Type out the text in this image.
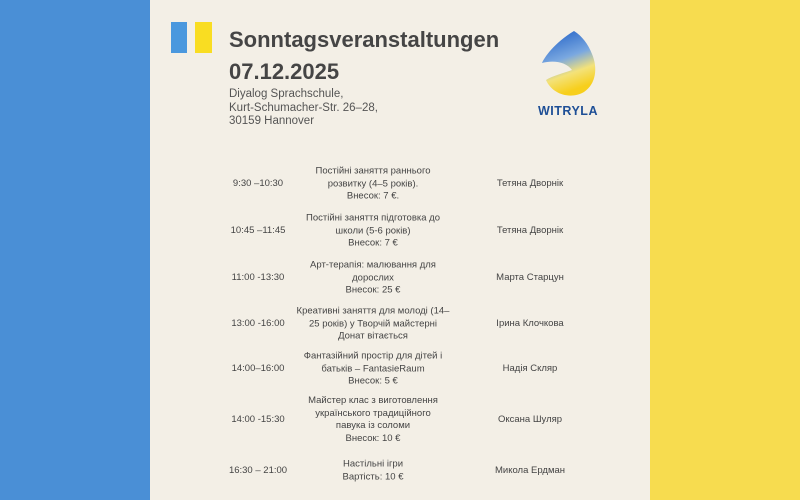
Sonntagsveranstaltungen
07.12.2025
Diyalog Sprachschule,
Kurt-Schumacher-Str. 26–28,
30159 Hannover
WITRYLA
9:30 –10:30
Постійні заняття раннього
розвитку (4–5 років).
Внесок: 7 €.
Тетяна Дворнік
10:45 –11:45
Постійні заняття підготовка до
школи (5-6 років)
Внесок: 7 €
Тетяна Дворнік
11:00 -13:30
Арт-терапія: малювання для
дорослих
Внесок: 25 €
Марта Старцун
13:00 -16:00
Креативні заняття для молоді (14–
25 років) у Творчій майстерні
Донат вітається
Ірина Клочкова
14:00–16:00
Фантазійний простір для дітей і
батьків – FantasieRaum
Внесок: 5 €
Надія Скляр
14:00 -15:30
Майстер клас з виготовлення
українського традиційного
павука із соломи
Внесок: 10 €
Оксана Шуляр
16:30 – 21:00
Настільні ігри
Вартість: 10 €
Микола Ердман
